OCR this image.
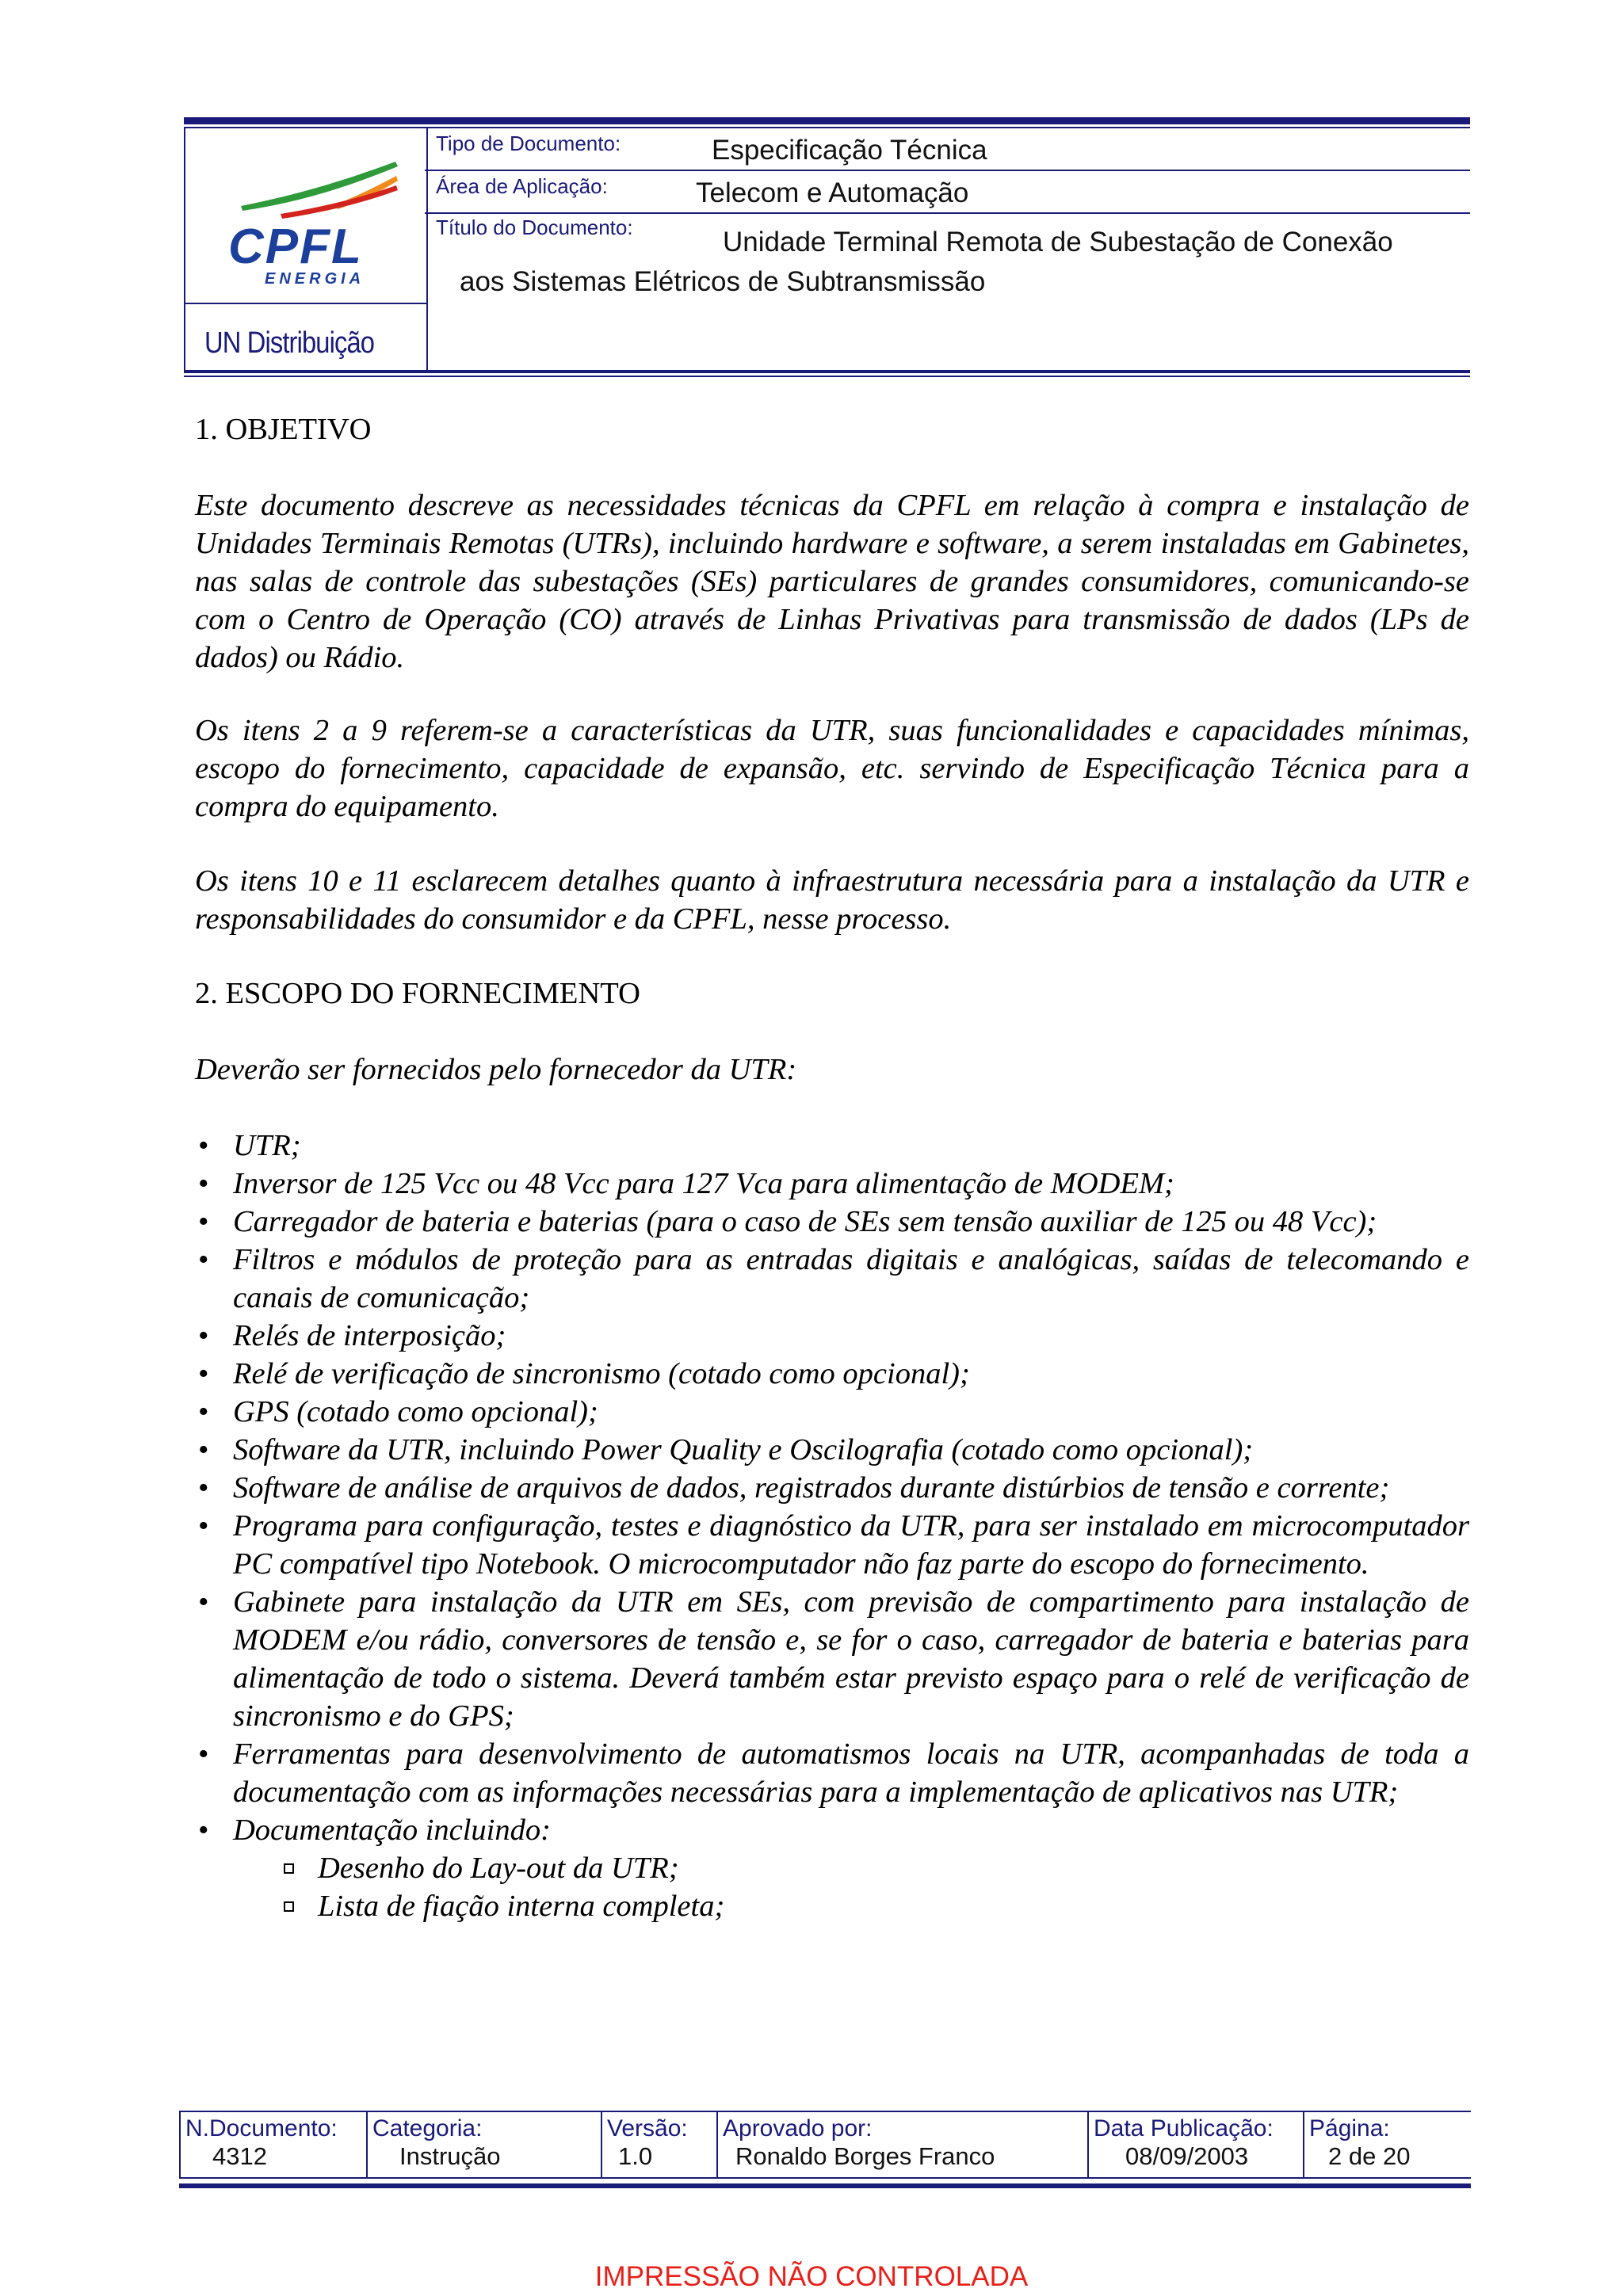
CPFL
ENERGIA
UN Distribuição
Tipo de Documento:	Especificação Técnica
Área de Aplicação:	Telecom e Automação
Título do Documento:	Unidade Terminal Remota de Subestação de Conexão
aos Sistemas Elétricos de Subtransmissão

1. OBJETIVO

Este documento descreve as necessidades técnicas da CPFL em relação à compra e instalação de Unidades Terminais Remotas (UTRs), incluindo hardware e software, a serem instaladas em Gabinetes, nas salas de controle das subestações (SEs) particulares de grandes consumidores, comunicando-se com o Centro de Operação (CO) através de Linhas Privativas para transmissão de dados (LPs de dados) ou Rádio.

Os itens 2 a 9 referem-se a características da UTR, suas funcionalidades e capacidades mínimas, escopo do fornecimento, capacidade de expansão, etc. servindo de Especificação Técnica para a compra do equipamento.

Os itens 10 e 11 esclarecem detalhes quanto à infraestrutura necessária para a instalação da UTR e responsabilidades do consumidor e da CPFL, nesse processo.

2. ESCOPO DO FORNECIMENTO

Deverão ser fornecidos pelo fornecedor da UTR:

• UTR;
• Inversor de 125 Vcc ou 48 Vcc para 127 Vca para alimentação de MODEM;
• Carregador de bateria e baterias (para o caso de SEs sem tensão auxiliar de 125 ou 48 Vcc);
• Filtros e módulos de proteção para as entradas digitais e analógicas, saídas de telecomando e canais de comunicação;
• Relés de interposição;
• Relé de verificação de sincronismo (cotado como opcional);
• GPS (cotado como opcional);
• Software da UTR, incluindo Power Quality e Oscilografia (cotado como opcional);
• Software de análise de arquivos de dados, registrados durante distúrbios de tensão e corrente;
• Programa para configuração, testes e diagnóstico da UTR, para ser instalado em microcomputador PC compatível tipo Notebook. O microcomputador não faz parte do escopo do fornecimento.
• Gabinete para instalação da UTR em SEs, com previsão de compartimento para instalação de MODEM e/ou rádio, conversores de tensão e, se for o caso, carregador de bateria e baterias para alimentação de todo o sistema. Deverá também estar previsto espaço para o relé de verificação de sincronismo e do GPS;
• Ferramentas para desenvolvimento de automatismos locais na UTR, acompanhadas de toda a documentação com as informações necessárias para a implementação de aplicativos nas UTR;
• Documentação incluindo:
Desenho do Lay-out da UTR;
Lista de fiação interna completa;
N.Documento:
4312
Categoria:
Instrução
Versão:
1.0
Aprovado por:
Ronaldo Borges Franco
Data Publicação:
08/09/2003
Página:
2 de 20
IMPRESSÃO NÃO CONTROLADA
